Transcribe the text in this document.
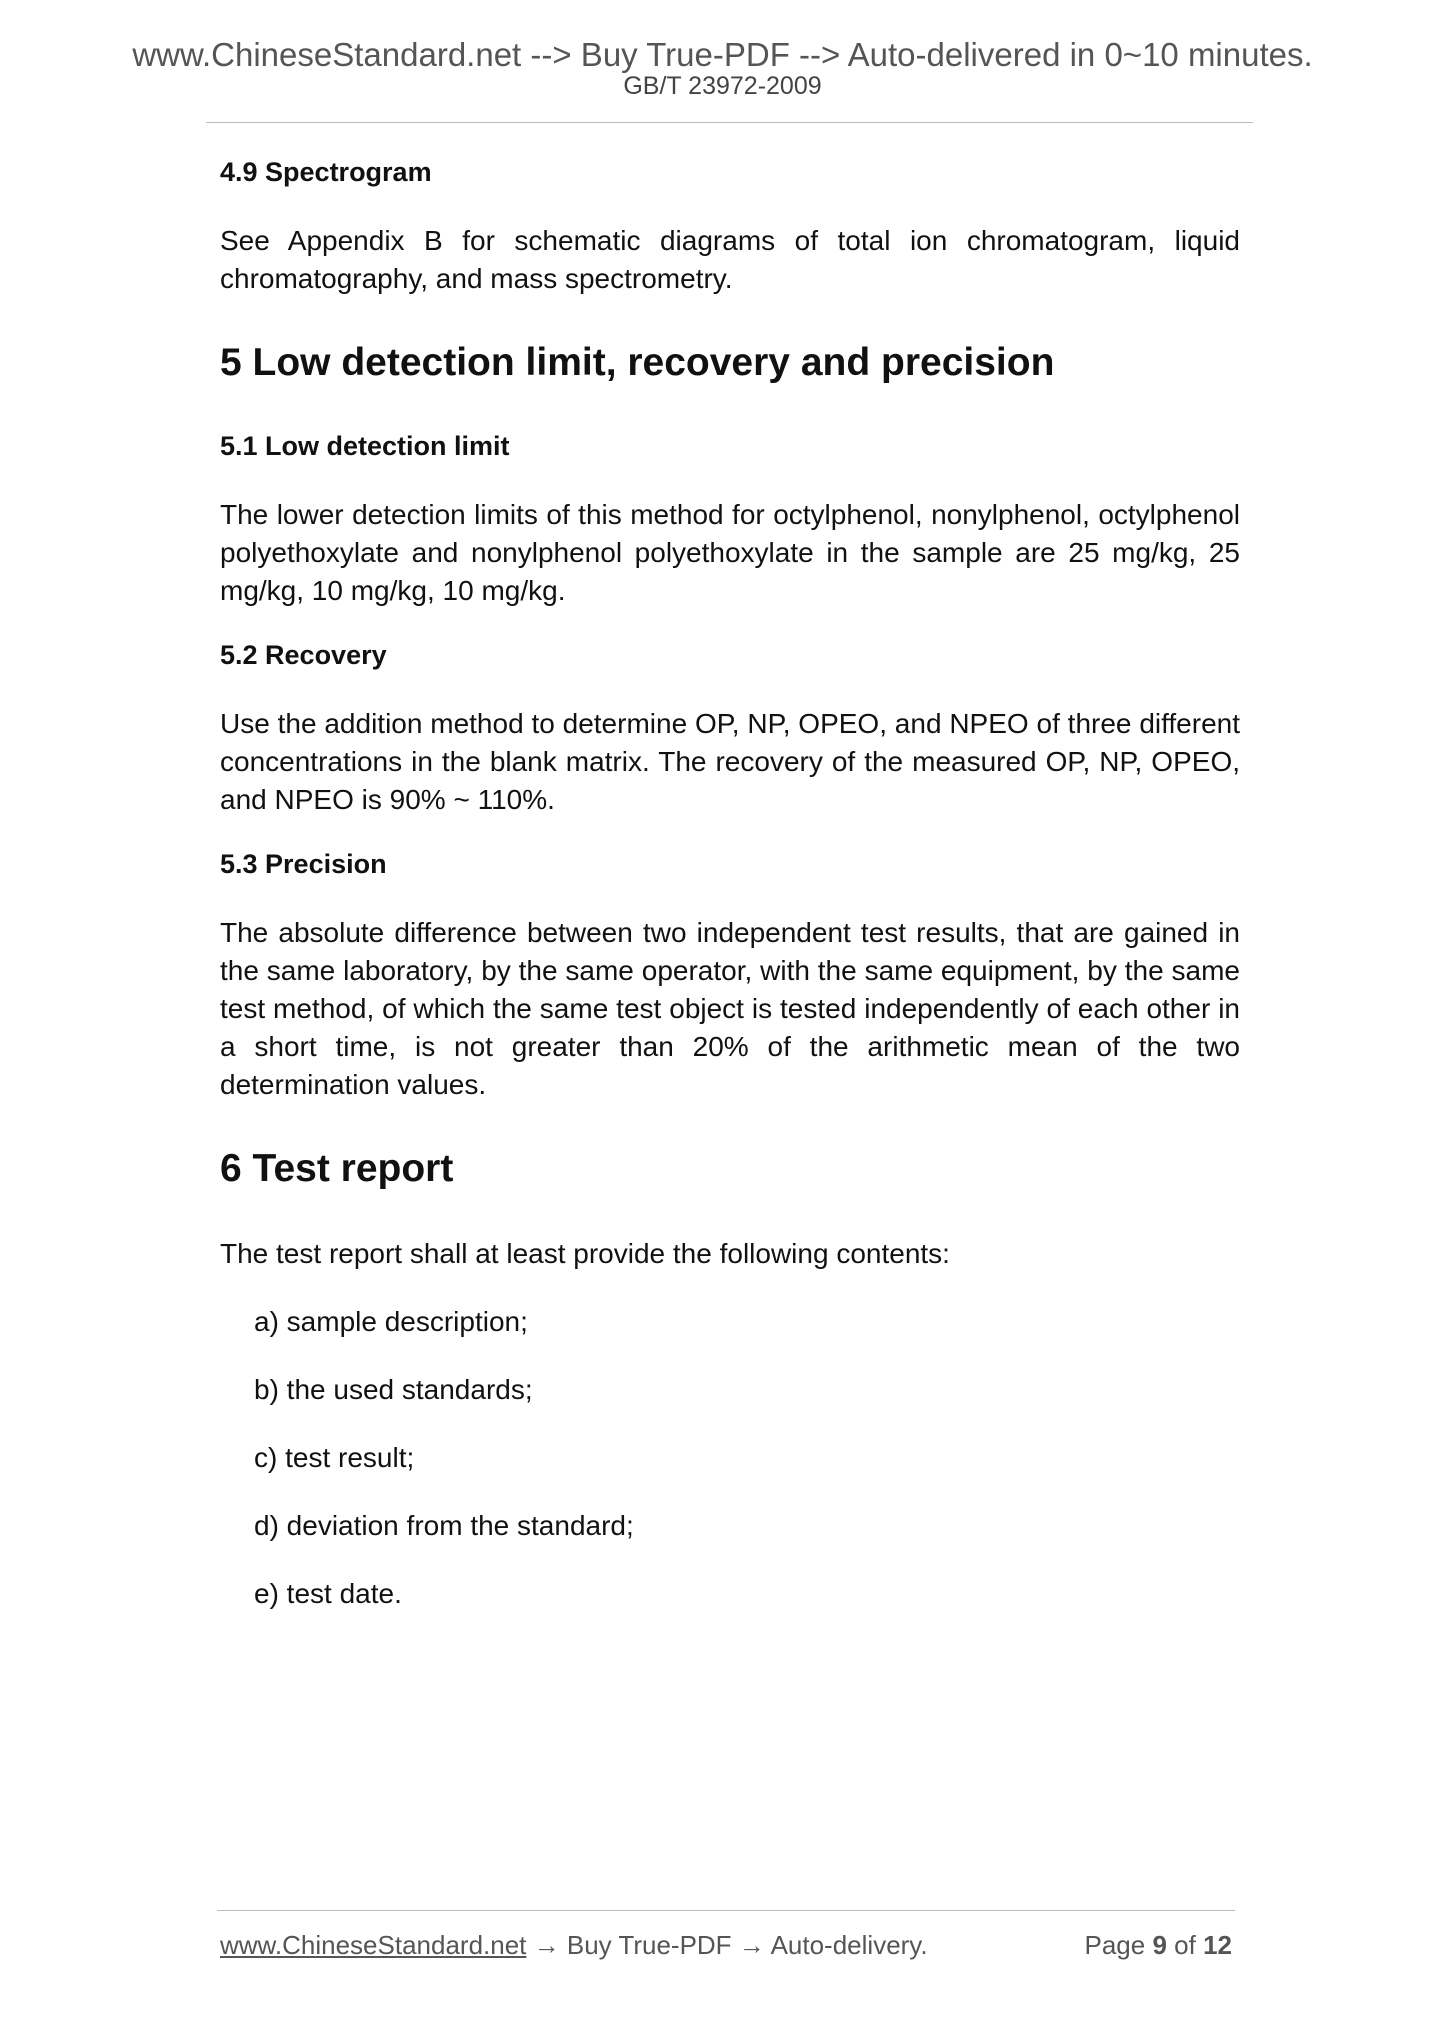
www.ChineseStandard.net --> Buy True-PDF --> Auto-delivered in 0~10 minutes.
GB/T 23972-2009
4.9 Spectrogram

See Appendix B for schematic diagrams of total ion chromatogram, liquid chromatography, and mass spectrometry.

5 Low detection limit, recovery and precision
5.1 Low detection limit

The lower detection limits of this method for octylphenol, nonylphenol, octylphenol polyethoxylate and nonylphenol polyethoxylate in the sample are 25 mg/kg, 25 mg/kg, 10 mg/kg, 10 mg/kg.

5.2 Recovery

Use the addition method to determine OP, NP, OPEO, and NPEO of three different concentrations in the blank matrix. The recovery of the measured OP, NP, OPEO, and NPEO is 90% ~ 110%.

5.3 Precision

The absolute difference between two independent test results, that are gained in the same laboratory, by the same operator, with the same equipment, by the same test method, of which the same test object is tested independently of each other in a short time, is not greater than 20% of the arithmetic mean of the two determination values.

6 Test report

The test report shall at least provide the following contents:

a) sample description;

b) the used standards;

c) test result;

d) deviation from the standard;

e) test date.

www.ChineseStandard.net → Buy True-PDF → Auto-delivery.	Page 9 of 12
